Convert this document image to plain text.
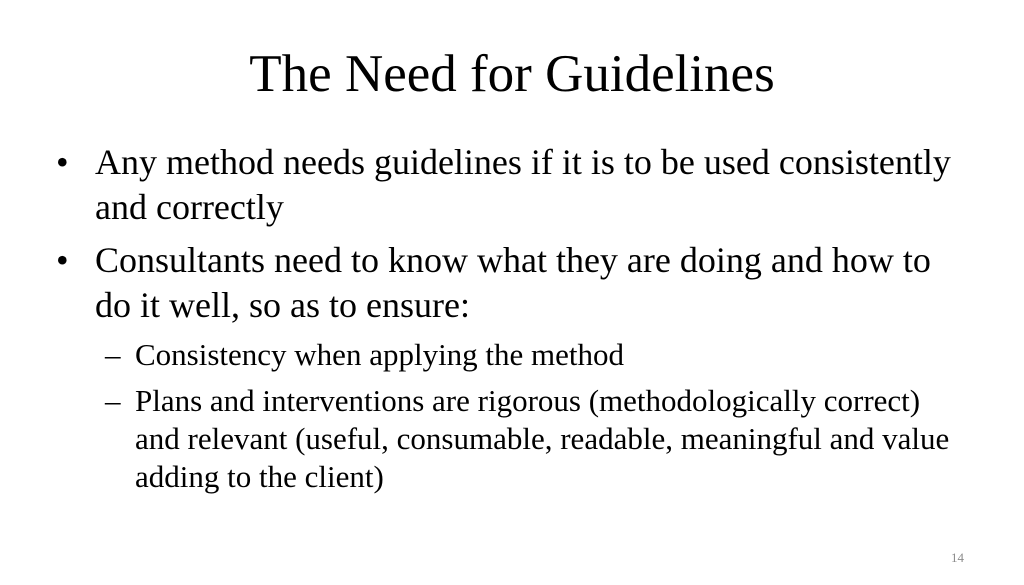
The Need for Guidelines
• Any method needs guidelines if it is to be used consistently and correctly
• Consultants need to know what they are doing and how to do it well, so as to ensure:
– Consistency when applying the method
– Plans and interventions are rigorous (methodologically correct) and relevant (useful, consumable, readable, meaningful and value adding to the client)
14
